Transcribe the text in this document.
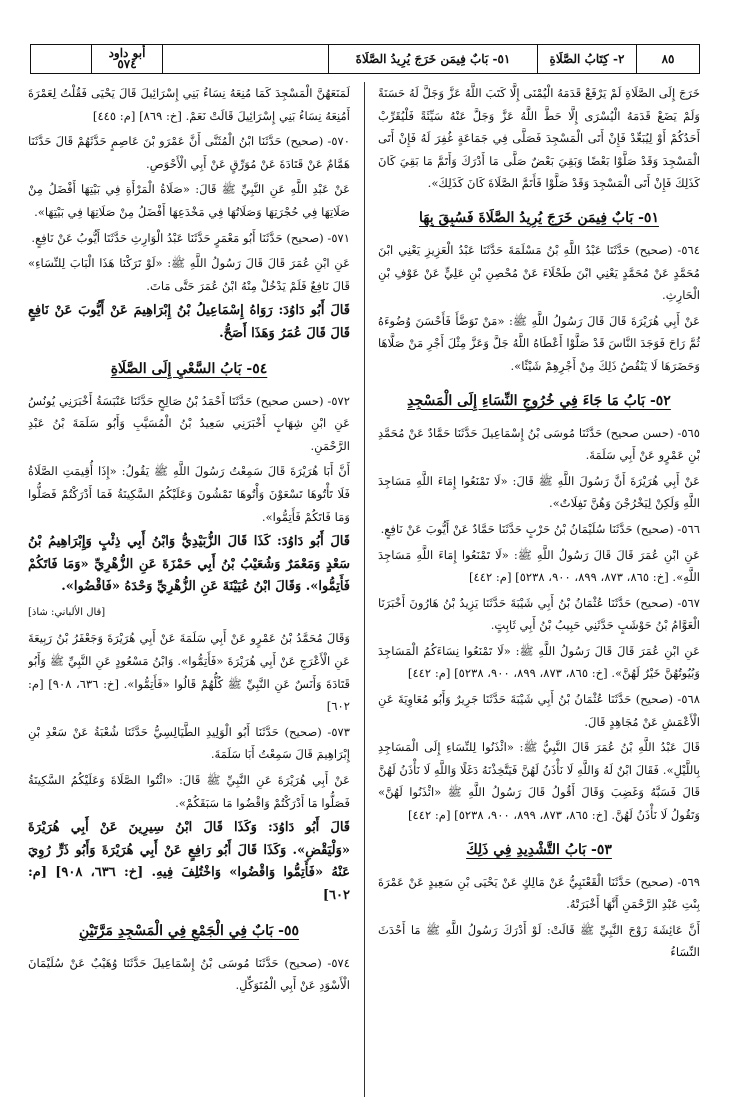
٨٥
٢- كِتَابُ الصَّلَاةِ
٥١- بَابٌ فِيمَن خَرَجَ يُرِيدُ الصَّلَاةَ
أبو داود
٥٧٤

خَرَجَ إِلَى الصَّلَاةِ لَمْ يَرْفَعْ قَدَمَهُ الْيُمْنَى إِلَّا كَتَبَ اللَّهُ عَزَّ وَجَلَّ لَهُ حَسَنَةً وَلَمْ يَضَعْ قَدَمَهُ الْيُسْرَى إِلَّا حَطَّ اللَّهُ عَزَّ وَجَلَّ عَنْهُ سَيِّئَةً فَلْيُقَرِّبْ أَحَدُكُمْ أَوْ لِيُبَعِّدْ فَإِنْ أَتَى الْمَسْجِدَ فَصَلَّى فِي جَمَاعَةٍ غُفِرَ لَهُ فَإِنْ أَتَى الْمَسْجِدَ وَقَدْ صَلَّوْا بَعْضًا وَبَقِيَ بَعْضٌ صَلَّى مَا أَدْرَكَ وَأَتَمَّ مَا بَقِيَ كَانَ كَذَلِكَ فَإِنْ أَتَى الْمَسْجِدَ وَقَدْ صَلَّوْا فَأَتَمَّ الصَّلَاةَ كَانَ كَذَلِكَ».

٥١- بَابٌ فِيمَن خَرَجَ يُرِيدُ الصَّلَاةَ فَسُبِقَ بِهَا

٥٦٤- (صحيح) حَدَّثَنَا عَبْدُ اللَّهِ بْنُ مَسْلَمَةَ حَدَّثَنَا عَبْدُ الْعَزِيزِ يَعْنِي ابْنَ مُحَمَّدٍ عَنْ مُحَمَّدٍ يَعْنِي ابْنَ طَحْلَاءَ عَنْ مُحْصِنِ بْنِ عَلِيٍّ عَنْ عَوْفِ بْنِ الْحَارِثِ.

عَنْ أَبِي هُرَيْرَةَ قَالَ قَالَ رَسُولُ اللَّهِ ﷺ: «مَنْ تَوَضَّأَ فَأَحْسَنَ وُضُوءَهُ ثُمَّ رَاحَ فَوَجَدَ النَّاسَ قَدْ صَلَّوْا أَعْطَاهُ اللَّهُ جَلَّ وَعَزَّ مِثْلَ أَجْرِ مَنْ صَلَّاهَا وَحَضَرَهَا لَا يَنْقُصُ ذَلِكَ مِنْ أَجْرِهِمْ شَيْئًا».

٥٢- بَابُ مَا جَاءَ فِي خُرُوجِ النِّسَاءِ إِلَى الْمَسْجِدِ

٥٦٥- (حسن صحيح) حَدَّثَنَا مُوسَى بْنُ إِسْمَاعِيلَ حَدَّثَنَا حَمَّادٌ عَنْ مُحَمَّدِ بْنِ عَمْرٍو عَنْ أَبِي سَلَمَةَ.

عَنْ أَبِي هُرَيْرَةَ أَنَّ رَسُولَ اللَّهِ ﷺ قَالَ: «لَا تَمْنَعُوا إِمَاءَ اللَّهِ مَسَاجِدَ اللَّهِ وَلَكِنْ لِيَخْرُجْنَ وَهُنَّ تَفِلَاتٌ».

٥٦٦- (صحيح) حَدَّثَنَا سُلَيْمَانُ بْنُ حَرْبٍ حَدَّثَنَا حَمَّادٌ عَنْ أَيُّوبَ عَنْ نَافِعٍ.

عَنِ ابْنِ عُمَرَ قَالَ قَالَ رَسُولُ اللَّهِ ﷺ: «لَا تَمْنَعُوا إِمَاءَ اللَّهِ مَسَاجِدَ اللَّهِ». [خ: ٨٦٥، ٨٧٣، ٨٩٩، ٩٠٠، ٥٢٣٨] [م: ٤٤٢]

٥٦٧- (صحيح) حَدَّثَنَا عُثْمَانُ بْنُ أَبِي شَيْبَةَ حَدَّثَنَا يَزِيدُ بْنُ هَارُونَ أَخْبَرَنَا الْعَوَّامُ بْنُ حَوْشَبٍ حَدَّثَنِي حَبِيبُ بْنُ أَبِي ثَابِتٍ.

عَنِ ابْنِ عُمَرَ قَالَ قَالَ رَسُولُ اللَّهِ ﷺ: «لَا تَمْنَعُوا نِسَاءَكُمُ الْمَسَاجِدَ وَبُيُوتُهُنَّ خَيْرٌ لَهُنَّ». [خ: ٨٦٥، ٨٧٣، ٨٩٩، ٩٠٠، ٥٢٣٨] [م: ٤٤٢]

٥٦٨- (صحيح) حَدَّثَنَا عُثْمَانُ بْنُ أَبِي شَيْبَةَ حَدَّثَنَا جَرِيرٌ وَأَبُو مُعَاوِيَةَ عَنِ الْأَعْمَشِ عَنْ مُجَاهِدٍ قَالَ.

قَالَ عَبْدُ اللَّهِ بْنُ عُمَرَ قَالَ النَّبِيُّ ﷺ: «ائْذَنُوا لِلنِّسَاءِ إِلَى الْمَسَاجِدِ بِاللَّيْلِ». فَقَالَ ابْنٌ لَهُ وَاللَّهِ لَا نَأْذَنُ لَهُنَّ فَيَتَّخِذْنَهُ دَغَلًا وَاللَّهِ لَا نَأْذَنُ لَهُنَّ قَالَ فَسَبَّهُ وَغَضِبَ وَقَالَ أَقُولُ قَالَ رَسُولُ اللَّهِ ﷺ «ائْذَنُوا لَهُنَّ» وَتَقُولُ لَا نَأْذَنُ لَهُنَّ. [خ: ٨٦٥، ٨٧٣، ٨٩٩، ٩٠٠، ٥٢٣٨] [م: ٤٤٢]

٥٣- بَابُ التَّشْدِيدِ فِي ذَلِكَ

٥٦٩- (صحيح) حَدَّثَنَا الْقَعْنَبِيُّ عَنْ مَالِكٍ عَنْ يَحْيَى بْنِ سَعِيدٍ عَنْ عَمْرَةَ بِنْتِ عَبْدِ الرَّحْمَنِ أَنَّهَا أَخْبَرَتْهُ.

أَنَّ عَائِشَةَ زَوْجَ النَّبِيِّ ﷺ قَالَتْ: لَوْ أَدْرَكَ رَسُولُ اللَّهِ ﷺ مَا أَحْدَثَ النِّسَاءُ

لَمَنَعَهُنَّ الْمَسْجِدَ كَمَا مُنِعَهُ نِسَاءُ بَنِي إِسْرَائِيلَ قَالَ يَحْيَى فَقُلْتُ لِعَمْرَةَ أَمُنِعَهُ نِسَاءُ بَنِي إِسْرَائِيلَ قَالَتْ نَعَمْ. [خ: ٨٦٩] [م: ٤٤٥]

٥٧٠- (صحيح) حَدَّثَنَا ابْنُ الْمُثَنَّى أَنَّ عَمْرَو بْنَ عَاصِمٍ حَدَّثَهُمْ قَالَ حَدَّثَنَا هَمَّامٌ عَنْ قَتَادَةَ عَنْ مُوَرِّقٍ عَنْ أَبِي الْأَحْوَصِ.

عَنْ عَبْدِ اللَّهِ عَنِ النَّبِيِّ ﷺ قَالَ: «صَلَاةُ الْمَرْأَةِ فِي بَيْتِهَا أَفْضَلُ مِنْ صَلَاتِهَا فِي حُجْرَتِهَا وَصَلَاتُهَا فِي مَخْدَعِهَا أَفْضَلُ مِنْ صَلَاتِهَا فِي بَيْتِهَا».

٥٧١- (صحيح) حَدَّثَنَا أَبُو مَعْمَرٍ حَدَّثَنَا عَبْدُ الْوَارِثِ حَدَّثَنَا أَيُّوبُ عَنْ نَافِعٍ.

عَنِ ابْنِ عُمَرَ قَالَ قَالَ رَسُولُ اللَّهِ ﷺ: «لَوْ تَرَكْنَا هَذَا الْبَابَ لِلنِّسَاءِ» قَالَ نَافِعٌ فَلَمْ يَدْخُلْ مِنْهُ ابْنُ عُمَرَ حَتَّى مَاتَ.

قَالَ أَبُو دَاوُدَ: رَوَاهُ إِسْمَاعِيلُ بْنُ إِبْرَاهِيمَ عَنْ أَيُّوبَ عَنْ نَافِعٍ قَالَ قَالَ عُمَرُ وَهَذَا أَصَحُّ.

٥٤- بَابُ السَّعْيِ إِلَى الصَّلَاةِ

٥٧٢- (حسن صحيح) حَدَّثَنَا أَحْمَدُ بْنُ صَالِحٍ حَدَّثَنَا عَنْبَسَةُ أَخْبَرَنِي يُونُسُ عَنِ ابْنِ شِهَابٍ أَخْبَرَنِي سَعِيدُ بْنُ الْمُسَيَّبِ وَأَبُو سَلَمَةَ بْنُ عَبْدِ الرَّحْمَنِ.

أَنَّ أَبَا هُرَيْرَةَ قَالَ سَمِعْتُ رَسُولَ اللَّهِ ﷺ يَقُولُ: «إِذَا أُقِيمَتِ الصَّلَاةُ فَلَا تَأْتُوهَا تَسْعَوْنَ وَأْتُوهَا تَمْشُونَ وَعَلَيْكُمُ السَّكِينَةُ فَمَا أَدْرَكْتُمْ فَصَلُّوا وَمَا فَاتَكُمْ فَأَتِمُّوا».

قَالَ أَبُو دَاوُدَ: كَذَا قَالَ الزُّبَيْدِيُّ وَابْنُ أَبِي ذِئْبٍ وَإِبْرَاهِيمُ بْنُ سَعْدٍ وَمَعْمَرٌ وَشُعَيْبُ بْنُ أَبِي حَمْزَةَ عَنِ الزُّهْرِيِّ «وَمَا فَاتَكُمْ فَأَتِمُّوا». وَقَالَ ابْنُ عُيَيْنَةَ عَنِ الزُّهْرِيِّ وَحْدَهُ «فَاقْضُوا».

[قال الألباني: شاذ]

وَقَالَ مُحَمَّدُ بْنُ عَمْرٍو عَنْ أَبِي سَلَمَةَ عَنْ أَبِي هُرَيْرَةَ وَجَعْفَرُ بْنُ رَبِيعَةَ عَنِ الْأَعْرَجِ عَنْ أَبِي هُرَيْرَةَ «فَأَتِمُّوا». وَابْنُ مَسْعُودٍ عَنِ النَّبِيِّ ﷺ وَأَبُو قَتَادَةَ وَأَنَسٌ عَنِ النَّبِيِّ ﷺ كُلُّهُمْ قَالُوا «فَأَتِمُّوا». [خ: ٦٣٦، ٩٠٨] [م: ٦٠٢]

٥٧٣- (صحيح) حَدَّثَنَا أَبُو الْوَلِيدِ الطَّيَالِسِيُّ حَدَّثَنَا شُعْبَةُ عَنْ سَعْدِ بْنِ إِبْرَاهِيمَ قَالَ سَمِعْتُ أَبَا سَلَمَةَ.

عَنْ أَبِي هُرَيْرَةَ عَنِ النَّبِيِّ ﷺ قَالَ: «ائْتُوا الصَّلَاةَ وَعَلَيْكُمُ السَّكِينَةُ فَصَلُّوا مَا أَدْرَكْتُمْ وَاقْضُوا مَا سَبَقَكُمْ».

قَالَ أَبُو دَاوُدَ: وَكَذَا قَالَ ابْنُ سِيرِينَ عَنْ أَبِي هُرَيْرَةَ «وَلْيَقْضِ». وَكَذَا قَالَ أَبُو رَافِعٍ عَنْ أَبِي هُرَيْرَةَ وَأَبُو ذَرٍّ رُوِيَ عَنْهُ «فَأَتِمُّوا وَاقْضُوا» وَاخْتُلِفَ فِيهِ. [خ: ٦٣٦، ٩٠٨] [م: ٦٠٢]

٥٥- بَابٌ فِي الْجَمْعِ فِي الْمَسْجِدِ مَرَّتَيْنِ

٥٧٤- (صحيح) حَدَّثَنَا مُوسَى بْنُ إِسْمَاعِيلَ حَدَّثَنَا وُهَيْبٌ عَنْ سُلَيْمَانَ الْأَسْوَدِ عَنْ أَبِي الْمُتَوَكِّلِ.
